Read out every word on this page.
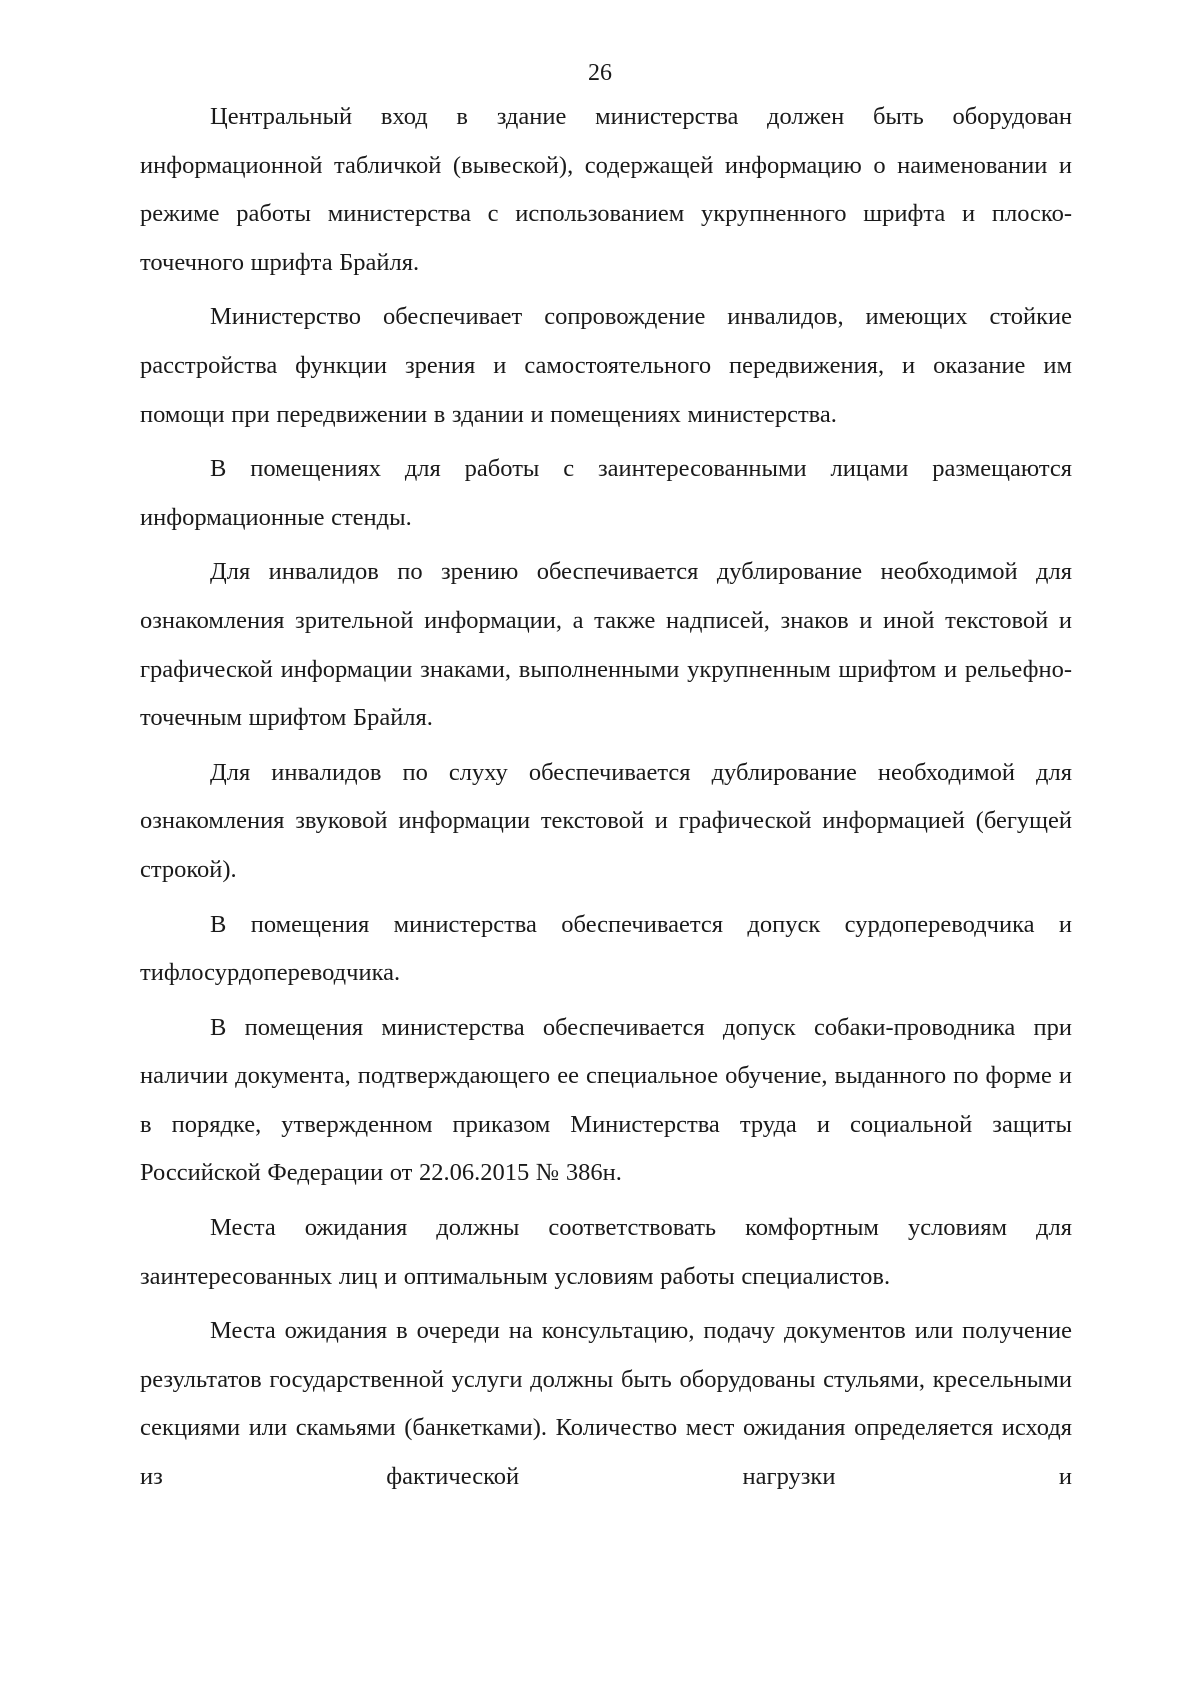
26

Центральный вход в здание министерства должен быть оборудован информационной табличкой (вывеской), содержащей информацию о наименовании и режиме работы министерства с использованием укрупненного шрифта и плоско-точечного шрифта Брайля.

Министерство обеспечивает сопровождение инвалидов, имеющих стойкие расстройства функции зрения и самостоятельного передвижения, и оказание им помощи при передвижении в здании и помещениях министерства.

В помещениях для работы с заинтересованными лицами размещаются информационные стенды.

Для инвалидов по зрению обеспечивается дублирование необходимой для ознакомления зрительной информации, а также надписей, знаков и иной текстовой и графической информации знаками, выполненными укрупненным шрифтом и рельефно-точечным шрифтом Брайля.

Для инвалидов по слуху обеспечивается дублирование необходимой для ознакомления звуковой информации текстовой и графической информацией (бегущей строкой).

В помещения министерства обеспечивается допуск сурдопереводчика и тифлосурдопереводчика.

В помещения министерства обеспечивается допуск собаки-проводника при наличии документа, подтверждающего ее специальное обучение, выданного по форме и в порядке, утвержденном приказом Министерства труда и социальной защиты Российской Федерации от 22.06.2015 № 386н.

Места ожидания должны соответствовать комфортным условиям для заинтересованных лиц и оптимальным условиям работы специалистов.

Места ожидания в очереди на консультацию, подачу документов или получение результатов государственной услуги должны быть оборудованы стульями, кресельными секциями или скамьями (банкетками). Количество мест ожидания определяется исходя из фактической нагрузки и
